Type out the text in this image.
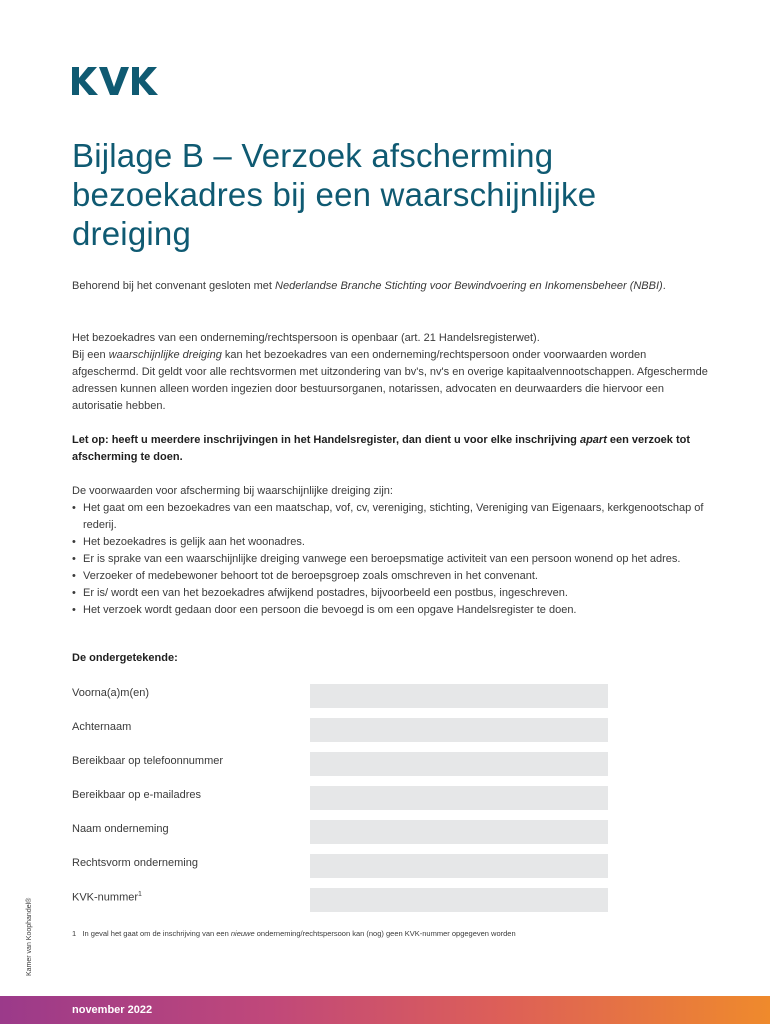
Bijlage B – Verzoek afscherming bezoekadres bij een waarschijnlijke dreiging

Behorend bij het convenant gesloten met Nederlandse Branche Stichting voor Bewindvoering en Inkomensbeheer (NBBI).

Het bezoekadres van een onderneming/rechtspersoon is openbaar (art. 21 Handelsregisterwet).
Bij een waarschijnlijke dreiging kan het bezoekadres van een onderneming/rechtspersoon onder voorwaarden worden afgeschermd. Dit geldt voor alle rechtsvormen met uitzondering van bv's, nv's en overige kapitaalvennootschappen. Afgeschermde adressen kunnen alleen worden ingezien door bestuursorganen, notarissen, advocaten en deurwaarders die hiervoor een autorisatie hebben.

Let op: heeft u meerdere inschrijvingen in het Handelsregister, dan dient u voor elke inschrijving apart een verzoek tot afscherming te doen.

De voorwaarden voor afscherming bij waarschijnlijke dreiging zijn:

• Het gaat om een bezoekadres van een maatschap, vof, cv, vereniging, stichting, Vereniging van Eigenaars, kerkgenootschap of rederij.
• Het bezoekadres is gelijk aan het woonadres.
• Er is sprake van een waarschijnlijke dreiging vanwege een beroepsmatige activiteit van een persoon wonend op het adres.
• Verzoeker of medebewoner behoort tot de beroepsgroep zoals omschreven in het convenant.
• Er is/ wordt een van het bezoekadres afwijkend postadres, bijvoorbeeld een postbus, ingeschreven.
• Het verzoek wordt gedaan door een persoon die bevoegd is om een opgave Handelsregister te doen.

De ondergetekende:

Voorna(a)m(en)
Achternaam
Bereikbaar op telefoonnummer
Bereikbaar op e-mailadres
Naam onderneming
Rechtsvorm onderneming
KVK-nummer$^1$

1 In geval het gaat om de inschrijving van een nieuwe onderneming/rechtspersoon kan (nog) geen KVK-nummer opgegeven worden

Kamer van Koophandel®
november 2022
